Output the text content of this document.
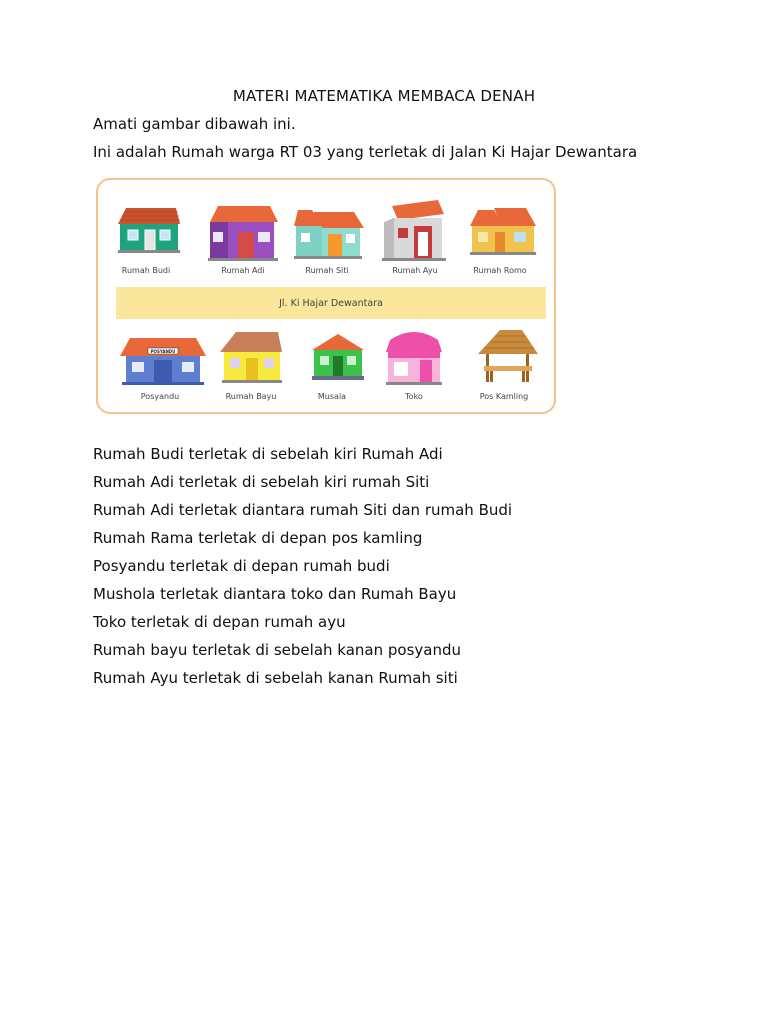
MATERI MATEMATIKA MEMBACA DENAH
Amati gambar dibawah ini.
Ini adalah Rumah warga RT 03 yang terletak di Jalan Ki Hajar Dewantara
Jl. Ki Hajar Dewantara
Rumah Budi	Rumah Adi	Rumah Siti	Rumah Ayu	Rumah Romo
POSYANDU
Posyandu	Rumah Bayu	Musala	Toko	Pos Kamling
Rumah Budi terletak di sebelah kiri Rumah Adi
Rumah Adi terletak di sebelah kiri rumah Siti
Rumah Adi terletak diantara rumah Siti dan rumah Budi
Rumah Rama terletak di depan pos kamling
Posyandu terletak di depan rumah budi
Mushola terletak diantara toko dan Rumah Bayu
Toko terletak di depan rumah ayu
Rumah bayu terletak di sebelah kanan posyandu
Rumah Ayu terletak di sebelah kanan Rumah siti
